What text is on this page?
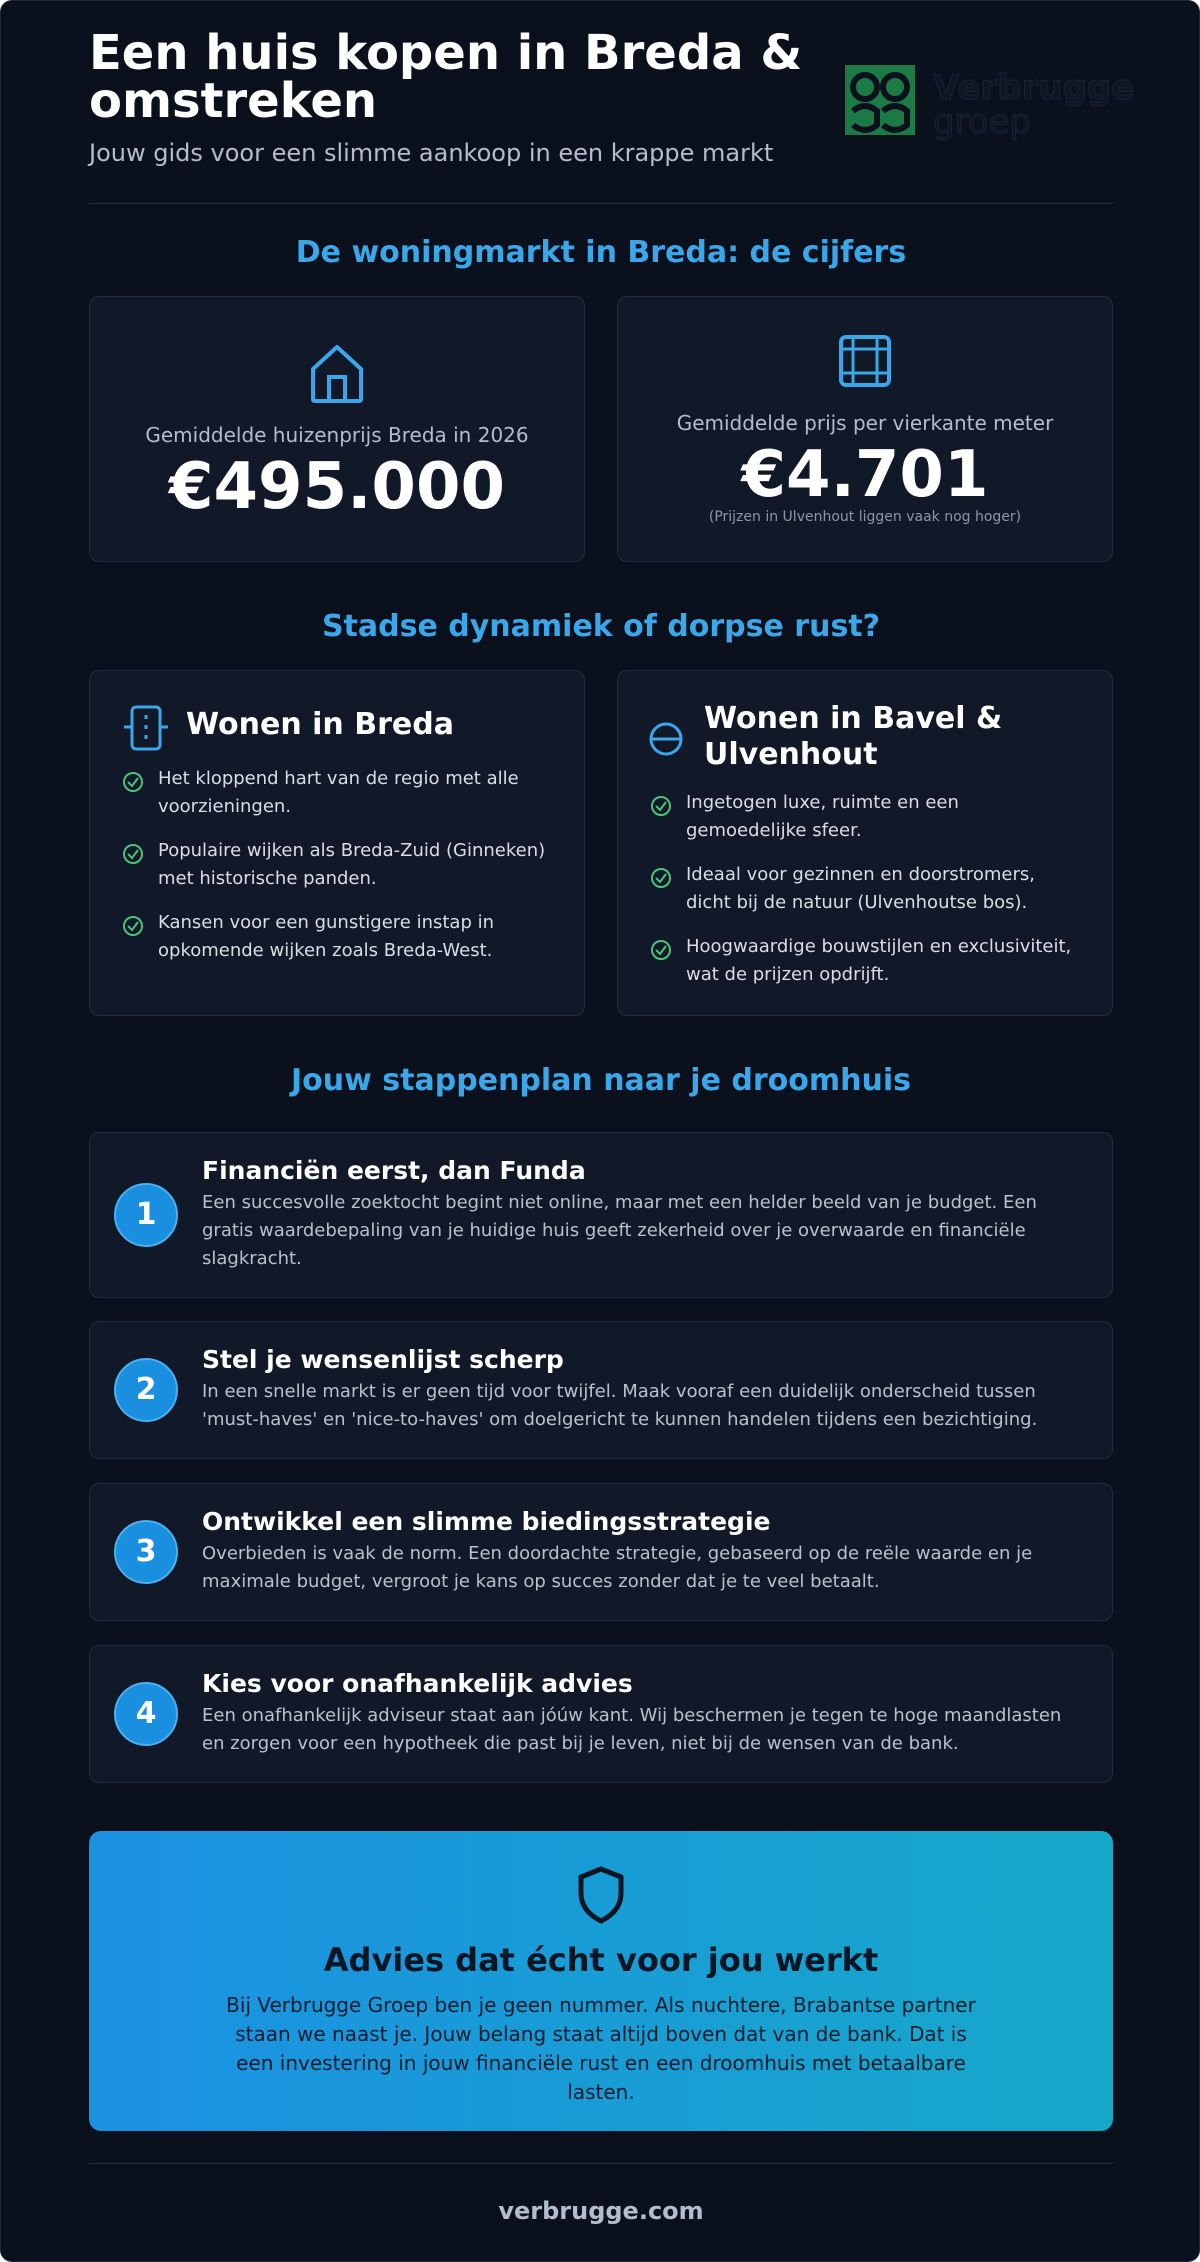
Een huis kopen in Breda & omstreken

Jouw gids voor een slimme aankoop in een krappe markt

Verbrugge
groep
De woningmarkt in Breda: de cijfers
Gemiddelde huizenprijs Breda in 2026
€495.000
Gemiddelde prijs per vierkante meter
€4.701
(Prijzen in Ulvenhout liggen vaak nog hoger)
Stadse dynamiek of dorpse rust?
Wonen in Breda
Het kloppend hart van de regio met alle voorzieningen.
Populaire wijken als Breda-Zuid (Ginneken) met historische panden.
Kansen voor een gunstigere instap in opkomende wijken zoals Breda-West.
Wonen in Bavel & Ulvenhout
Ingetogen luxe, ruimte en een gemoedelijke sfeer.
Ideaal voor gezinnen en doorstromers, dicht bij de natuur (Ulvenhoutse bos).
Hoogwaardige bouwstijlen en exclusiviteit, wat de prijzen opdrijft.
Jouw stappenplan naar je droomhuis
1
Financiën eerst, dan Funda
Een succesvolle zoektocht begint niet online, maar met een helder beeld van je budget. Een gratis waardebepaling van je huidige huis geeft zekerheid over je overwaarde en financiële slagkracht.
2
Stel je wensenlijst scherp
In een snelle markt is er geen tijd voor twijfel. Maak vooraf een duidelijk onderscheid tussen 'must-haves' en 'nice-to-haves' om doelgericht te kunnen handelen tijdens een bezichtiging.
3
Ontwikkel een slimme biedingsstrategie
Overbieden is vaak de norm. Een doordachte strategie, gebaseerd op de reële waarde en je maximale budget, vergroot je kans op succes zonder dat je te veel betaalt.
4
Kies voor onafhankelijk advies
Een onafhankelijk adviseur staat aan jóúw kant. Wij beschermen je tegen te hoge maandlasten en zorgen voor een hypotheek die past bij je leven, niet bij de wensen van de bank.
Advies dat écht voor jou werkt

Bij Verbrugge Groep ben je geen nummer. Als nuchtere, Brabantse partner staan we naast je. Jouw belang staat altijd boven dat van de bank. Dat is een investering in jouw financiële rust en een droomhuis met betaalbare lasten.

verbrugge.com
